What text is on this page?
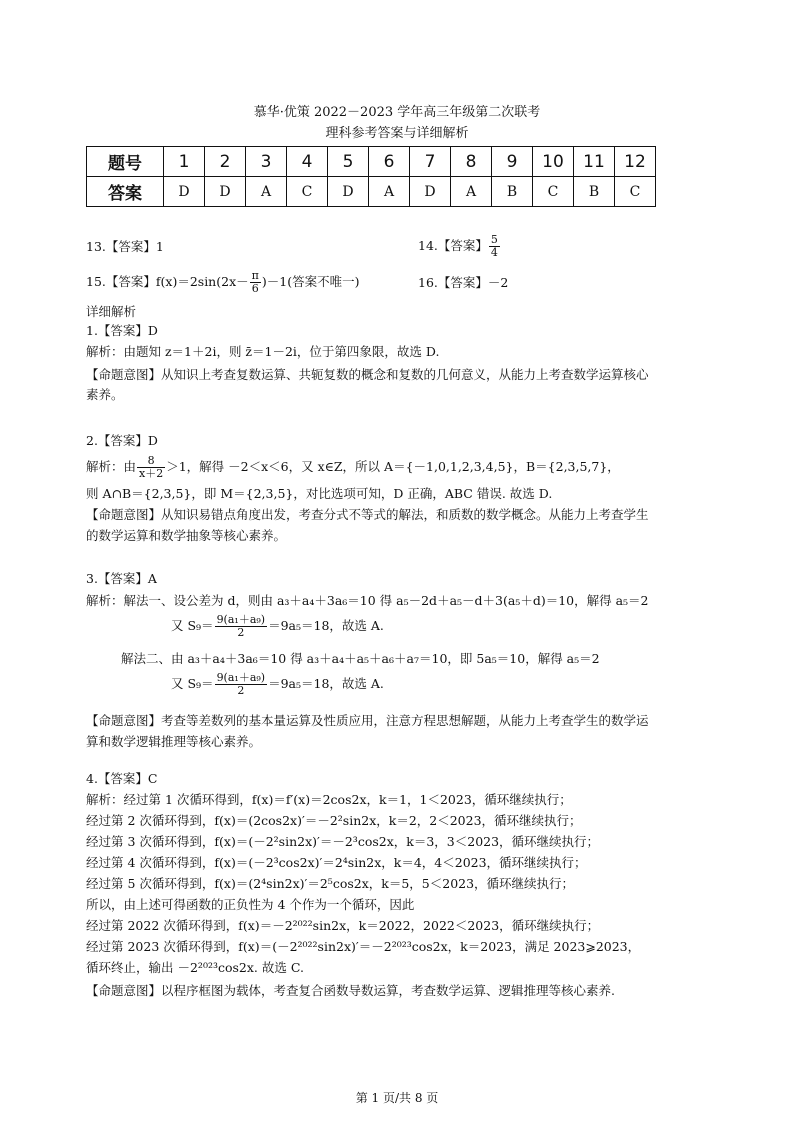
慕华·优策 2022－2023 学年高三年级第二次联考
理科参考答案与详细解析
题号	1	2	3	4	5	6	7	8	9	10	11	12
答案	D	D	A	C	D	A	D	A	B	C	B	C
13.【答案】1	14.【答案】 $\frac{5}{4}$
15.【答案】$f(x)=2\sin(2x- \frac{\pi}{6} )-1$(答案不唯一)	16.【答案】－2
详细解析
1.【答案】D
解析：由题知 z＝1＋2i，则 z̄＝1－2i，位于第四象限，故选 D.
【命题意图】从知识上考查复数运算、共轭复数的概念和复数的几何意义，从能力上考查数学运算核心
素养。
2.【答案】D
解析：由 $\frac{8}{x+2} >1$，解得 －2＜x＜6，又 x∈Z，所以 A＝{－1,0,1,2,3,4,5}，B＝{2,3,5,7}，
则 A∩B＝{2,3,5}，即 M＝{2,3,5}，对比选项可知，D 正确，ABC 错误. 故选 D.
【命题意图】从知识易错点角度出发，考查分式不等式的解法，和质数的数学概念。从能力上考查学生
的数学运算和数学抽象等核心素养。
3.【答案】A
解析：解法一、设公差为 d，则由 a₃＋a₄＋3a₆＝10 得 a₅－2d＋a₅－d＋3(a₅＋d)＝10，解得 a₅＝2
又 $S_9= \frac{\text{9(a₁＋a₉)}}{2} =9a_5=18$，故选 A.
解法二、由 a₃＋a₄＋3a₆＝10 得 a₃＋a₄＋a₅＋a₆＋a₇＝10，即 5a₅＝10，解得 a₅＝2
又 $S_9= \frac{\text{9(a₁＋a₉)}}{2} =9a_5=18$，故选 A.
【命题意图】考查等差数列的基本量运算及性质应用，注意方程思想解题，从能力上考查学生的数学运
算和数学逻辑推理等核心素养。
4.【答案】C
解析：经过第 1 次循环得到，f(x)＝f′(x)＝2cos2x，k＝1，1＜2023，循环继续执行；
经过第 2 次循环得到，f(x)＝(2cos2x)′＝－2²sin2x，k＝2，2＜2023，循环继续执行；
经过第 3 次循环得到，f(x)＝(－2²sin2x)′＝－2³cos2x，k＝3，3＜2023，循环继续执行；
经过第 4 次循环得到，f(x)＝(－2³cos2x)′＝2⁴sin2x，k＝4，4＜2023，循环继续执行；
经过第 5 次循环得到，f(x)＝(2⁴sin2x)′＝2⁵cos2x，k＝5，5＜2023，循环继续执行；
所以，由上述可得函数的正负性为 4 个作为一个循环，因此
经过第 2022 次循环得到，f(x)＝－2²⁰²²sin2x，k＝2022，2022＜2023，循环继续执行；
经过第 2023 次循环得到，f(x)＝(－2²⁰²²sin2x)′＝－2²⁰²³cos2x，k＝2023，满足 2023⩾2023，
循环终止，输出 －2²⁰²³cos2x. 故选 C.
【命题意图】以程序框图为载体，考查复合函数导数运算，考查数学运算、逻辑推理等核心素养.
第 1 页/共 8 页
